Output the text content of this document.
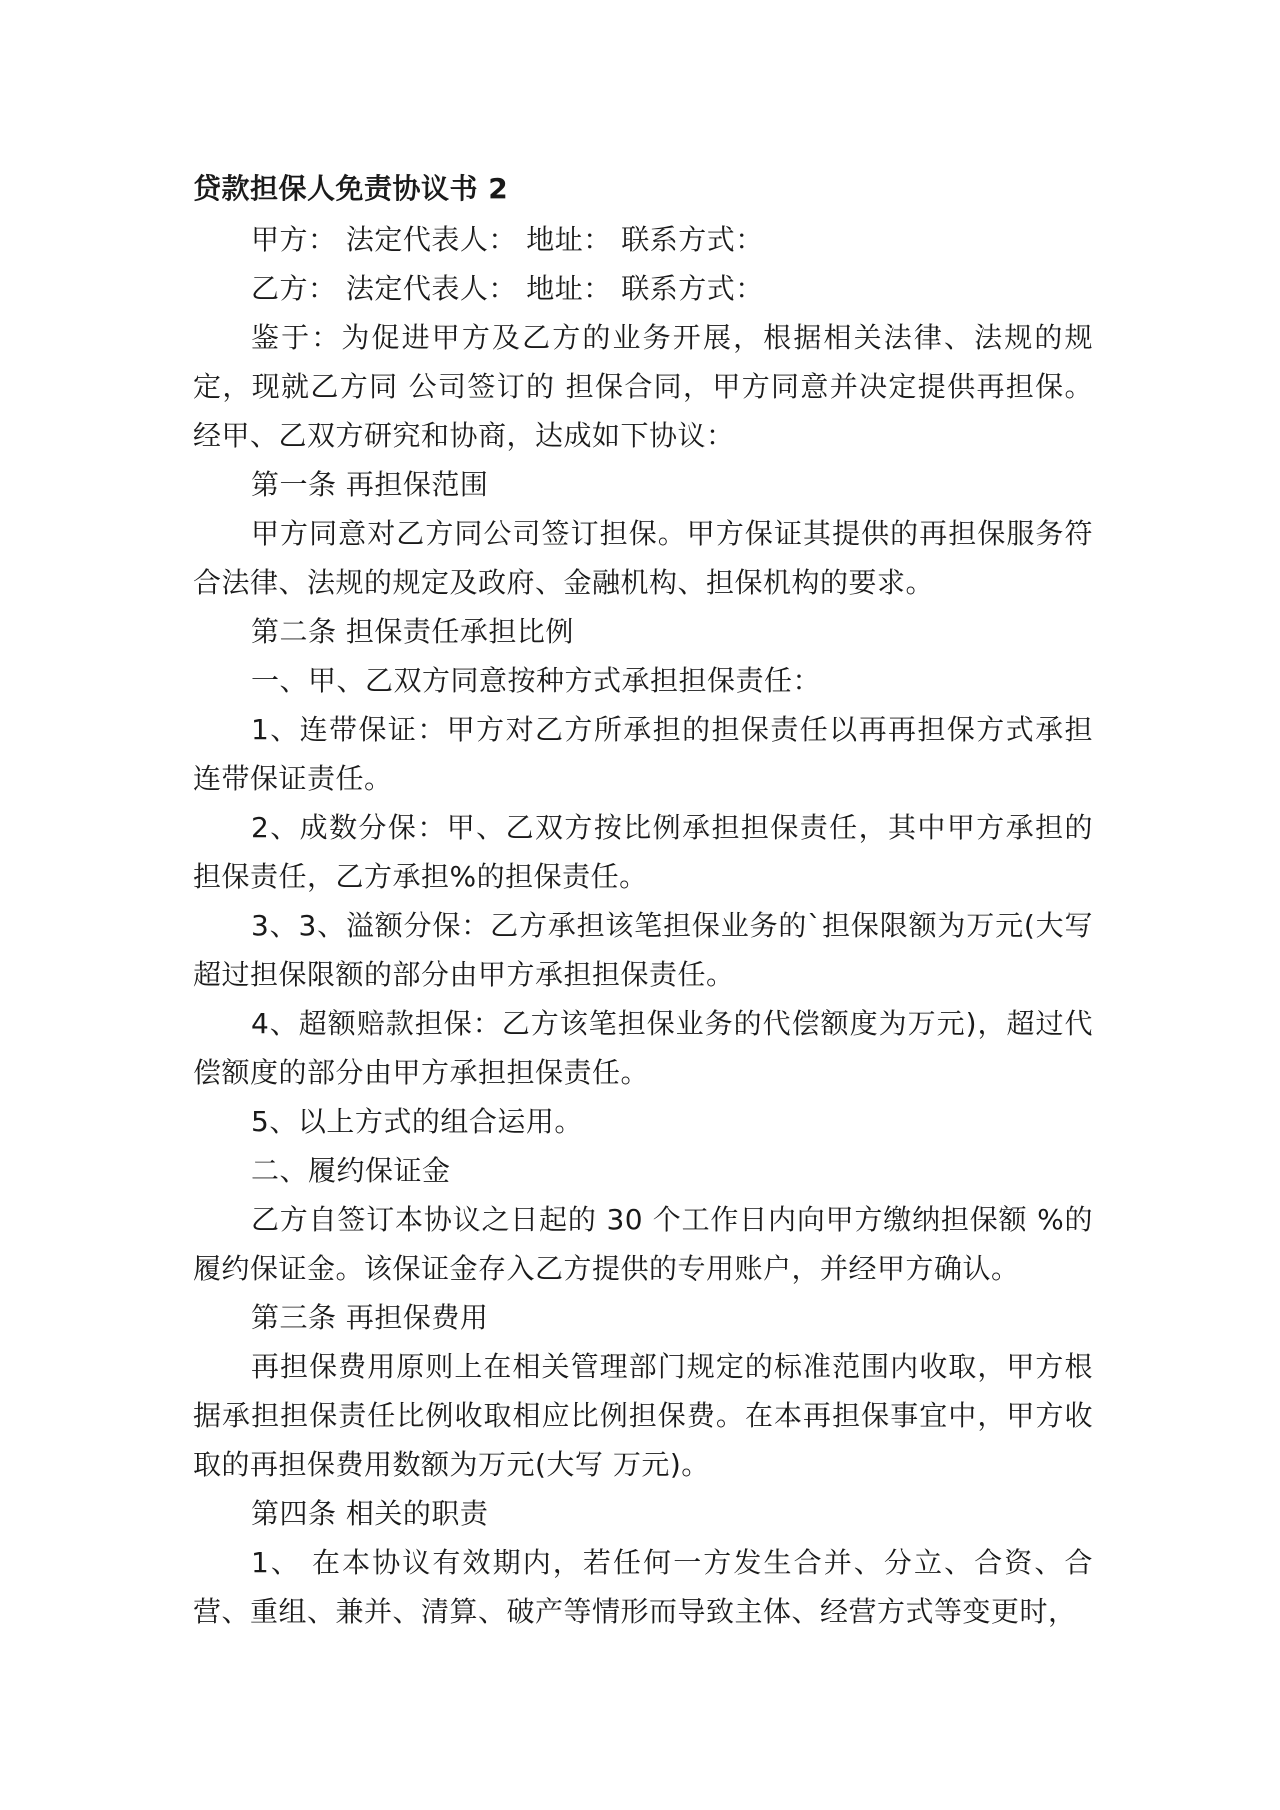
贷款担保人免责协议书 2

甲方： 法定代表人： 地址： 联系方式：

乙方： 法定代表人： 地址： 联系方式：

鉴于：为促进甲方及乙方的业务开展，根据相关法律、法规的规定，现就乙方同 公司签订的 担保合同，甲方同意并决定提供再担保。经甲、乙双方研究和协商，达成如下协议：

第一条 再担保范围

甲方同意对乙方同公司签订担保。甲方保证其提供的再担保服务符合法律、法规的规定及政府、金融机构、担保机构的要求。

第二条 担保责任承担比例

一、甲、乙双方同意按种方式承担担保责任：

1、连带保证：甲方对乙方所承担的担保责任以再再担保方式承担连带保证责任。

2、成数分保：甲、乙双方按比例承担担保责任，其中甲方承担的担保责任，乙方承担%的担保责任。

3、3、溢额分保：乙方承担该笔担保业务的`担保限额为万元(大写超过担保限额的部分由甲方承担担保责任。

4、超额赔款担保：乙方该笔担保业务的代偿额度为万元)，超过代偿额度的部分由甲方承担担保责任。

5、以上方式的组合运用。

二、履约保证金

乙方自签订本协议之日起的 30 个工作日内向甲方缴纳担保额 %的履约保证金。该保证金存入乙方提供的专用账户，并经甲方确认。

第三条 再担保费用

再担保费用原则上在相关管理部门规定的标准范围内收取，甲方根据承担担保责任比例收取相应比例担保费。在本再担保事宜中，甲方收取的再担保费用数额为万元(大写 万元)。

第四条 相关的职责

1、 在本协议有效期内，若任何一方发生合并、分立、合资、合营、重组、兼并、清算、破产等情形而导致主体、经营方式等变更时，
